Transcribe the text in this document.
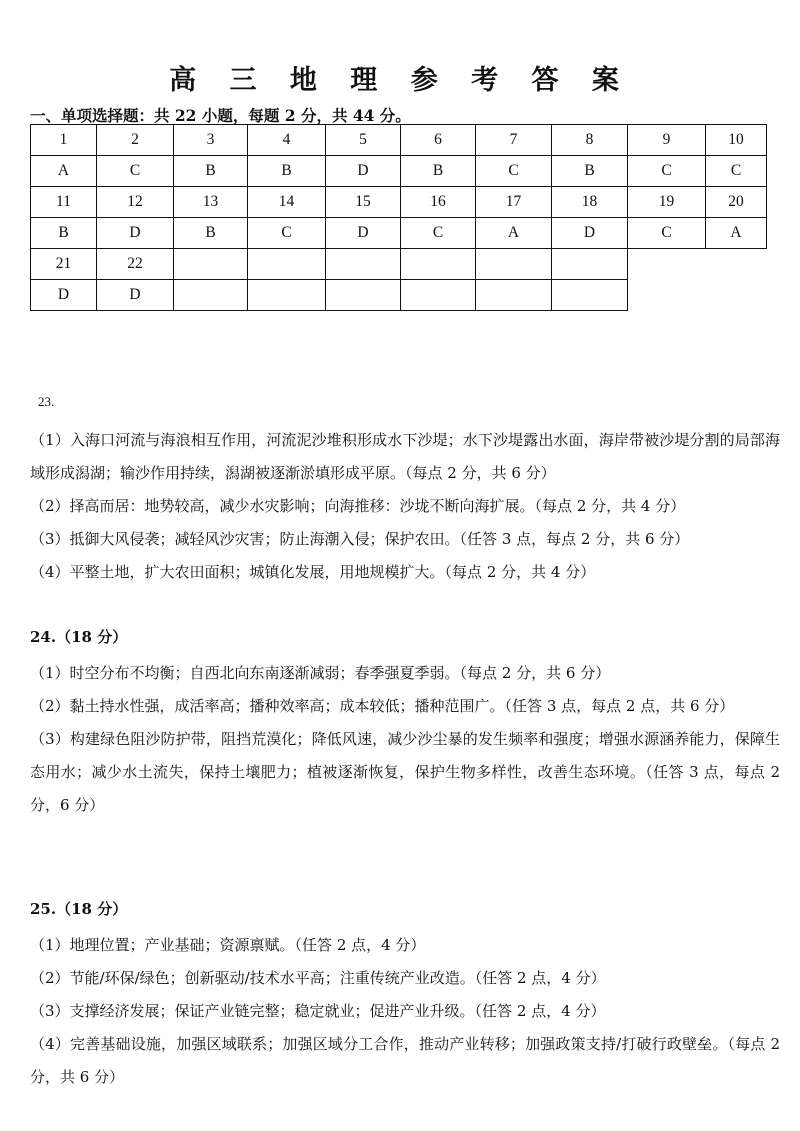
高 三 地 理 参 考 答 案
一、单项选择题：共 22 小题，每题 2 分，共 44 分。
1	2	3	4	5	6	7	8	9	10
A	C	B	B	D	B	C	B	C	C
11	12	13	14	15	16	17	18	19	20
B	D	B	C	D	C	A	D	C	A
21	22								
D	D								
23.
（1）入海口河流与海浪相互作用，河流泥沙堆积形成水下沙堤；水下沙堤露出水面，海岸带被沙堤分割的局部海域形成潟湖；输沙作用持续，潟湖被逐渐淤填形成平原。（每点 2 分，共 6 分）
（2）择高而居：地势较高，减少水灾影响；向海推移：沙垅不断向海扩展。（每点 2 分，共 4 分）
（3）抵御大风侵袭；减轻风沙灾害；防止海潮入侵；保护农田。（任答 3 点，每点 2 分，共 6 分）
（4）平整土地，扩大农田面积；城镇化发展，用地规模扩大。（每点 2 分，共 4 分）
24.（18 分）
（1）时空分布不均衡；自西北向东南逐渐减弱；春季强夏季弱。（每点 2 分，共 6 分）
（2）黏土持水性强，成活率高；播种效率高；成本较低；播种范围广。（任答 3 点，每点 2 点，共 6 分）
（3）构建绿色阻沙防护带，阻挡荒漠化；降低风速，减少沙尘暴的发生频率和强度；增强水源涵养能力，保障生态用水；减少水土流失，保持土壤肥力；植被逐渐恢复，保护生物多样性，改善生态环境。（任答 3 点，每点 2 分，6 分）
25.（18 分）
（1）地理位置；产业基础；资源禀赋。（任答 2 点，4 分）
（2）节能/环保/绿色；创新驱动/技术水平高；注重传统产业改造。（任答 2 点，4 分）
（3）支撑经济发展；保证产业链完整；稳定就业；促进产业升级。（任答 2 点，4 分）
（4）完善基础设施，加强区域联系；加强区域分工合作，推动产业转移；加强政策支持/打破行政壁垒。（每点 2 分，共 6 分）
